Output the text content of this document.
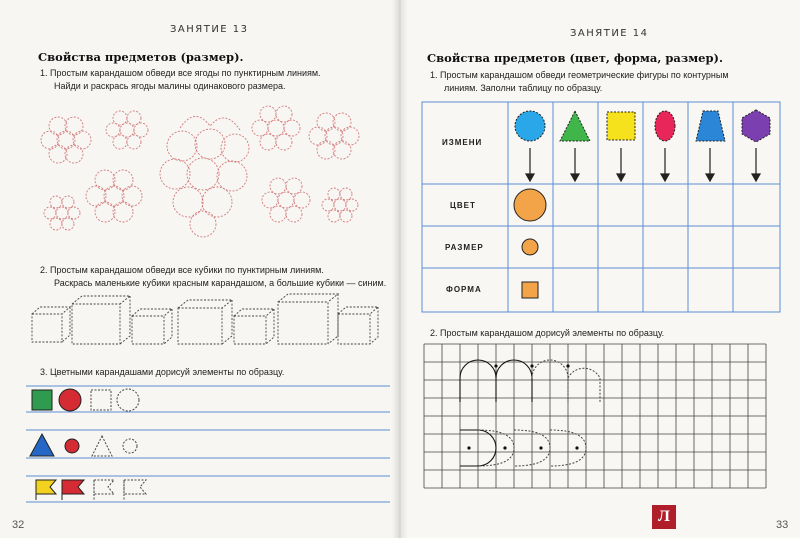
ЗАНЯТИЕ 13
Свойства предметов (размер).
1. Простым карандашом обведи все ягоды по пунктирным линиям.
Найди и раскрась ягоды малины одинакового размера.
2. Простым карандашом обведи все кубики по пунктирным линиям.
Раскрась маленькие кубики красным карандашом, а большие кубики — синим.
3. Цветными карандашами дорисуй элементы по образцу.
32
ЗАНЯТИЕ 14
Свойства предметов (цвет, форма, размер).
1. Простым карандашом обведи геометрические фигуры по контурным
линиям. Заполни таблицу по образцу.
ИЗМЕНИ
ЦВЕТ
РАЗМЕР
ФОРМА
2. Простым карандашом дорисуй элементы по образцу.
Л	33
